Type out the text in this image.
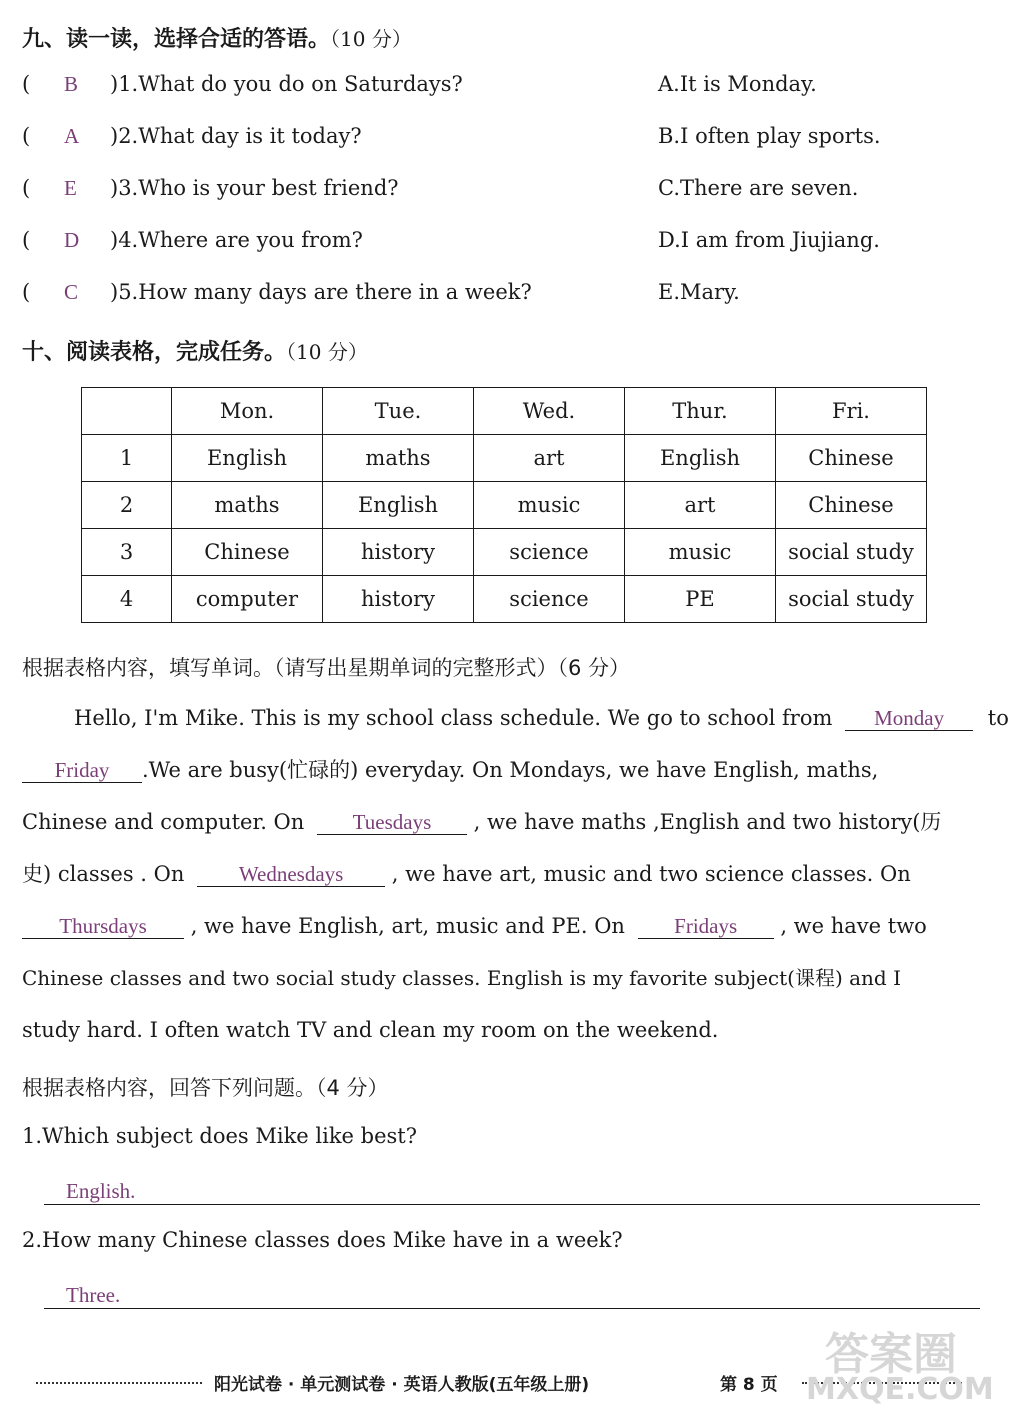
九、读一读，选择合适的答语。（10 分）
( B )1.What do you do on Saturdays?	A.It is Monday.
( A )2.What day is it today?	B.I often play sports.
( E )3.Who is your best friend?	C.There are seven.
( D )4.Where are you from?	D.I am from Jiujiang.
( C )5.How many days are there in a week?	E.Mary.
十、阅读表格，完成任务。（10 分）
	Mon.	Tue.	Wed.	Thur.	Fri.
1	English	maths	art	English	Chinese
2	maths	English	music	art	Chinese
3	Chinese	history	science	music	social study
4	computer	history	science	PE	social study
根据表格内容，填写单词。（请写出星期单词的完整形式）（6 分）
Hello, I'm Mike. This is my school class schedule. We go to school from Monday to
Friday .We are busy(忙碌的) everyday. On Mondays, we have English, maths,
Chinese and computer. On Tuesdays , we have maths ,English and two history(历
史) classes . On	Wednesdays , we have art, music and two science classes. On
Thursdays , we have English, art, music and PE. On Fridays , we have two
Chinese classes and two social study classes. English is my favorite subject(课程) and I
study hard. I often watch TV and clean my room on the weekend.
根据表格内容，回答下列问题。（4 分）
1.Which subject does Mike like best?
English.
2.How many Chinese classes does Mike have in a week?
Three.
阳光试卷 · 单元测试卷 · 英语人教版(五年级上册)	第 8 页
答案圈
MXQE.COM
